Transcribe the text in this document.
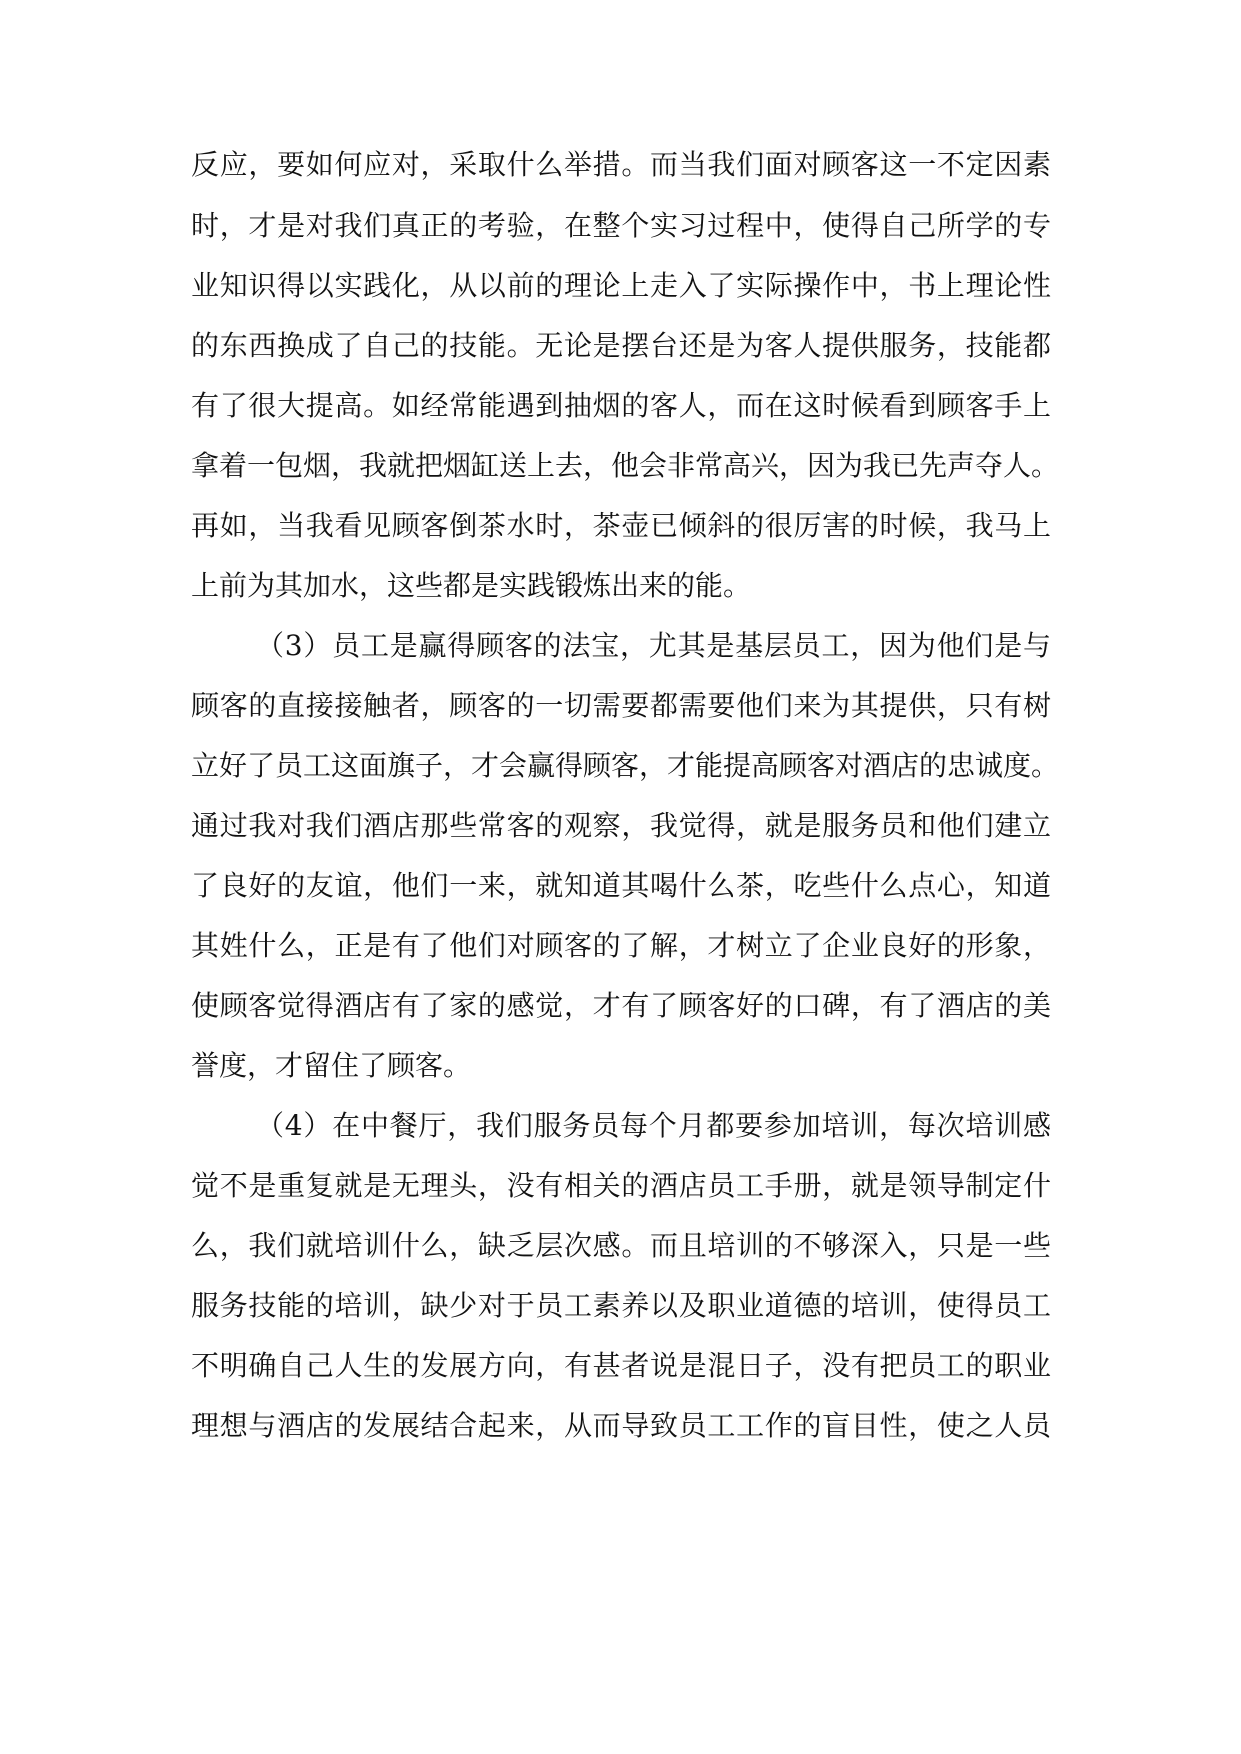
反应，要如何应对，采取什么举措。而当我们面对顾客这一不定因素
时，才是对我们真正的考验，在整个实习过程中，使得自己所学的专
业知识得以实践化，从以前的理论上走入了实际操作中，书上理论性
的东西换成了自己的技能。无论是摆台还是为客人提供服务，技能都
有了很大提高。如经常能遇到抽烟的客人，而在这时候看到顾客手上
拿着一包烟，我就把烟缸送上去，他会非常高兴，因为我已先声夺人。
再如，当我看见顾客倒茶水时，茶壶已倾斜的很厉害的时候，我马上
上前为其加水，这些都是实践锻炼出来的能。
（3）员工是赢得顾客的法宝，尤其是基层员工，因为他们是与
顾客的直接接触者，顾客的一切需要都需要他们来为其提供，只有树
立好了员工这面旗子，才会赢得顾客，才能提高顾客对酒店的忠诚度。
通过我对我们酒店那些常客的观察，我觉得，就是服务员和他们建立
了良好的友谊，他们一来，就知道其喝什么茶，吃些什么点心，知道
其姓什么，正是有了他们对顾客的了解，才树立了企业良好的形象，
使顾客觉得酒店有了家的感觉，才有了顾客好的口碑，有了酒店的美
誉度，才留住了顾客。
（4）在中餐厅，我们服务员每个月都要参加培训，每次培训感
觉不是重复就是无理头，没有相关的酒店员工手册，就是领导制定什
么，我们就培训什么，缺乏层次感。而且培训的不够深入，只是一些
服务技能的培训，缺少对于员工素养以及职业道德的培训，使得员工
不明确自己人生的发展方向，有甚者说是混日子，没有把员工的职业
理想与酒店的发展结合起来，从而导致员工工作的盲目性，使之人员
